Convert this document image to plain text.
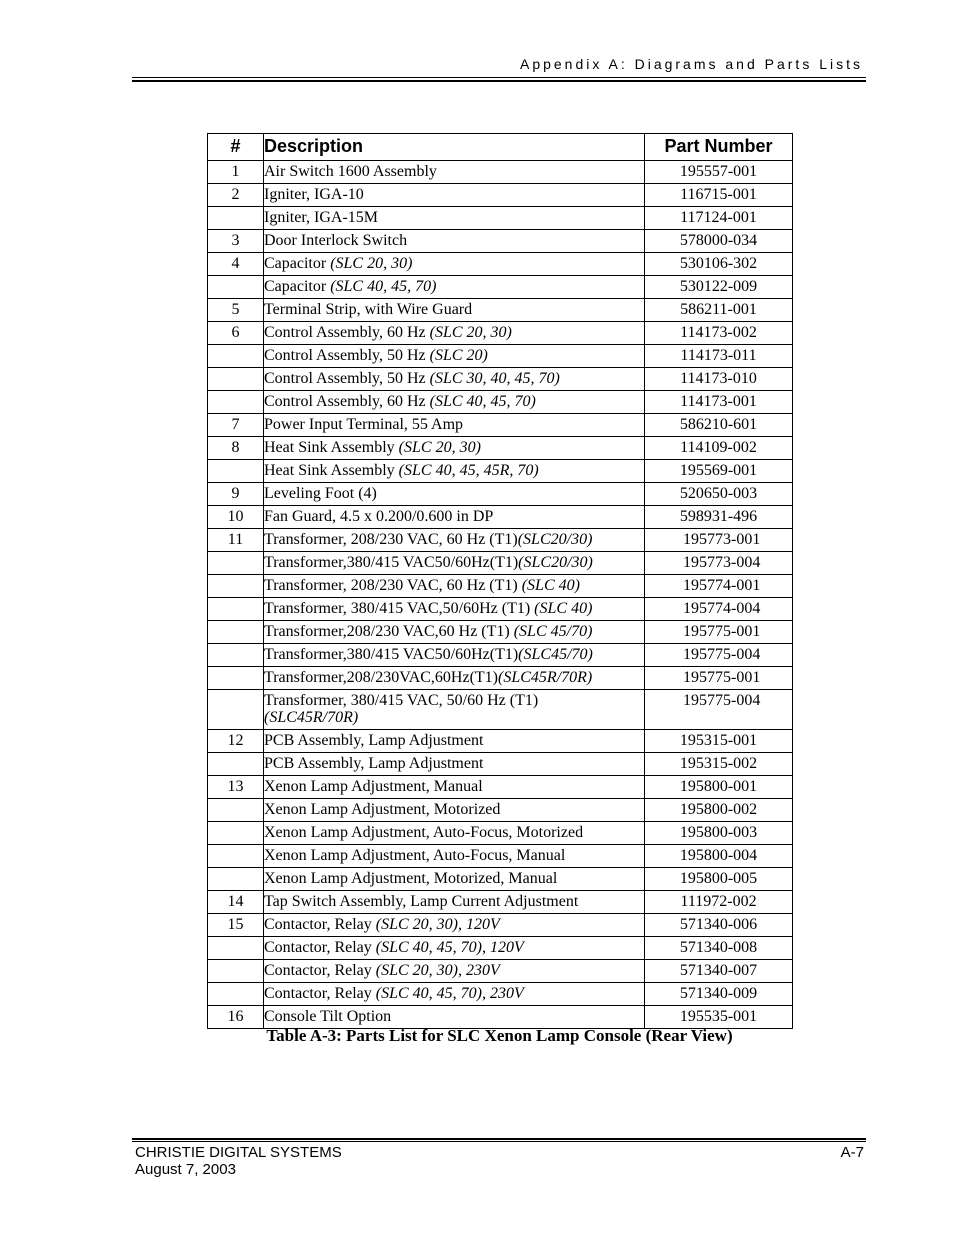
Appendix A: Diagrams and Parts Lists
#	Description	Part Number
1	Air Switch 1600 Assembly	195557-001
2	Igniter, IGA-10	116715-001
	Igniter, IGA-15M	117124-001
3	Door Interlock Switch	578000-034
4	Capacitor (SLC 20, 30)	530106-302
	Capacitor (SLC 40, 45, 70)	530122-009
5	Terminal Strip, with Wire Guard	586211-001
6	Control Assembly, 60 Hz (SLC 20, 30)	114173-002
	Control Assembly, 50 Hz (SLC 20)	114173-011
	Control Assembly, 50 Hz (SLC 30, 40, 45, 70)	114173-010
	Control Assembly, 60 Hz (SLC 40, 45, 70)	114173-001
7	Power Input Terminal, 55 Amp	586210-601
8	Heat Sink Assembly (SLC 20, 30)	114109-002
	Heat Sink Assembly (SLC 40, 45, 45R, 70)	195569-001
9	Leveling Foot (4)	520650-003
10	Fan Guard, 4.5 x 0.200/0.600 in DP	598931-496
11	Transformer, 208/230 VAC, 60 Hz (T1)(SLC20/30)	195773-001
	Transformer,380/415 VAC50/60Hz(T1)(SLC20/30)	195773-004
	Transformer, 208/230 VAC, 60 Hz (T1) (SLC 40)	195774-001
	Transformer, 380/415 VAC,50/60Hz (T1) (SLC 40)	195774-004
	Transformer,208/230 VAC,60 Hz (T1) (SLC 45/70)	195775-001
	Transformer,380/415 VAC50/60Hz(T1)(SLC45/70)	195775-004
	Transformer,208/230VAC,60Hz(T1)(SLC45R/70R)	195775-001
	Transformer, 380/415 VAC, 50/60 Hz (T1)
(SLC45R/70R)	195775-004
12	PCB Assembly, Lamp Adjustment	195315-001
	PCB Assembly, Lamp Adjustment	195315-002
13	Xenon Lamp Adjustment, Manual	195800-001
	Xenon Lamp Adjustment, Motorized	195800-002
	Xenon Lamp Adjustment, Auto-Focus, Motorized	195800-003
	Xenon Lamp Adjustment, Auto-Focus, Manual	195800-004
	Xenon Lamp Adjustment, Motorized, Manual	195800-005
14	Tap Switch Assembly, Lamp Current Adjustment	111972-002
15	Contactor, Relay (SLC 20, 30), 120V	571340-006
	Contactor, Relay (SLC 40, 45, 70), 120V	571340-008
	Contactor, Relay (SLC 20, 30), 230V	571340-007
	Contactor, Relay (SLC 40, 45, 70), 230V	571340-009
16	Console Tilt Option	195535-001
Table A-3: Parts List for SLC Xenon Lamp Console (Rear View)
CHRISTIE DIGITAL SYSTEMS
August 7, 2003
A-7
